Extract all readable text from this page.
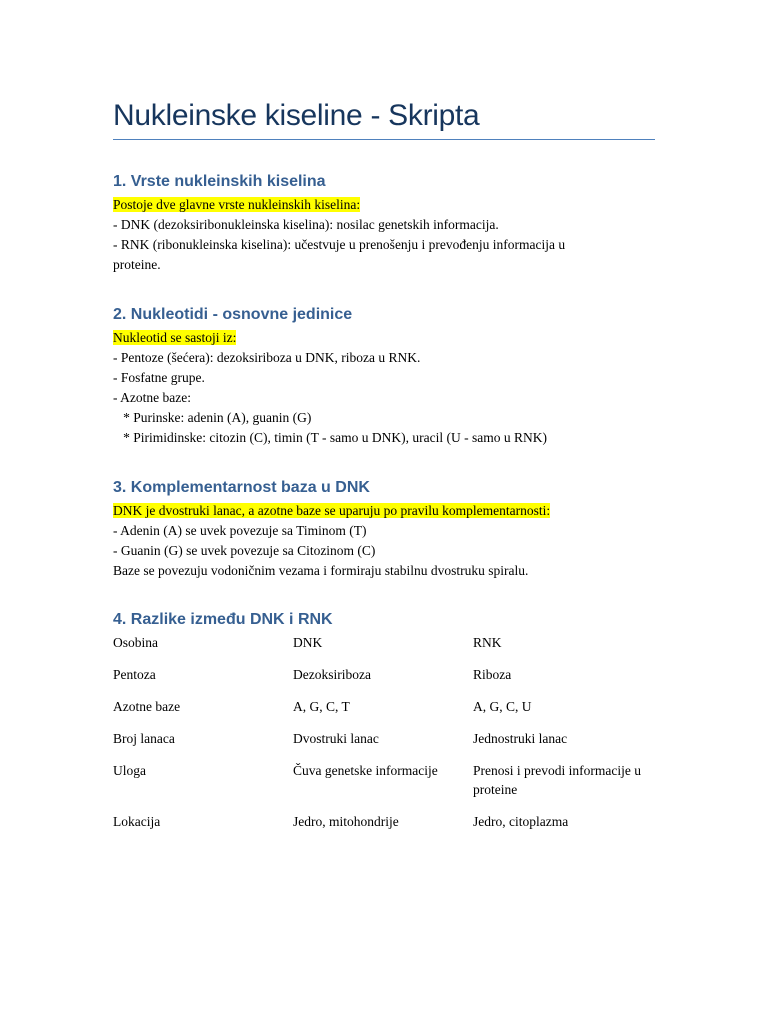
Nukleinske kiseline - Skripta
1. Vrste nukleinskih kiselina
Postoje dve glavne vrste nukleinskih kiselina:
- DNK (dezoksiribonukleinska kiselina): nosilac genetskih informacija.
- RNK (ribonukleinska kiselina): učestvuje u prenošenju i prevođenju informacija u
proteine.
2. Nukleotidi - osnovne jedinice
Nukleotid se sastoji iz:
- Pentoze (šećera): dezoksiriboza u DNK, riboza u RNK.
- Fosfatne grupe.
- Azotne baze:
* Purinske: adenin (A), guanin (G)
* Pirimidinske: citozin (C), timin (T - samo u DNK), uracil (U - samo u RNK)
3. Komplementarnost baza u DNK
DNK je dvostruki lanac, a azotne baze se uparuju po pravilu komplementarnosti:
- Adenin (A) se uvek povezuje sa Timinom (T)
- Guanin (G) se uvek povezuje sa Citozinom (C)
Baze se povezuju vodoničnim vezama i formiraju stabilnu dvostruku spiralu.
4. Razlike između DNK i RNK
Osobina	DNK	RNK
Pentoza	Dezoksiriboza	Riboza
Azotne baze	A, G, C, T	A, G, C, U
Broj lanaca	Dvostruki lanac	Jednostruki lanac
Uloga	Čuva genetske informacije	Prenosi i prevodi informacije u proteine
Lokacija	Jedro, mitohondrije	Jedro, citoplazma
